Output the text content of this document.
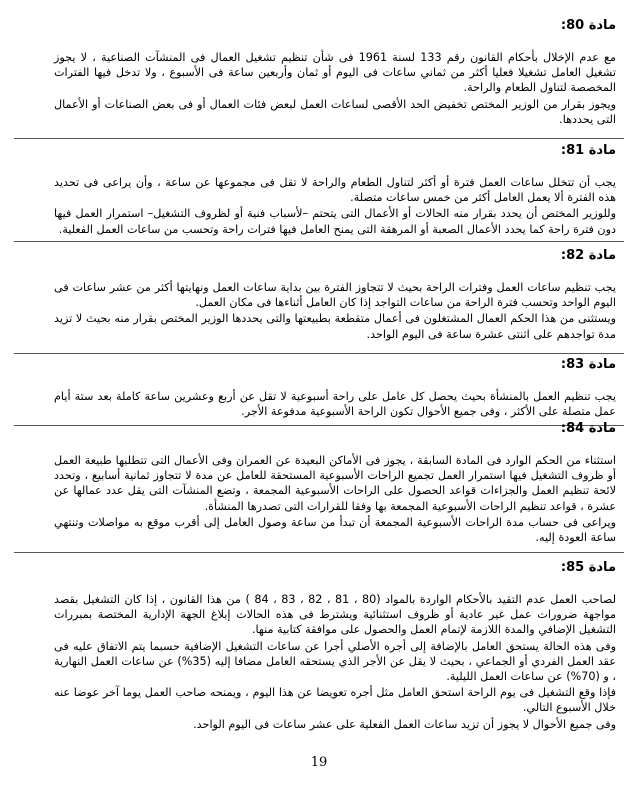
مادة 80:

مع عدم الإخلال بأحكام القانون رقم 133 لسنة 1961 فى شأن تنظيم تشغيل العمال فى المنشآت الصناعية ، لا يجوز تشغيل العامل تشغيلا فعليا أكثر من ثماني ساعات فى اليوم أو ثمان وأربعين ساعة فى الأسبوع ، ولا تدخل فيها الفترات المخصصة لتناول الطعام والراحة.

ويجوز بقرار من الوزير المختص تخفيض الحد الأقصى لساعات العمل لبعض فئات العمال أو فى بعض الصناعات أو الأعمال التى يحددها.

مادة 81:

يجب أن تتخلل ساعات العمل فترة أو أكثر لتناول الطعام والراحة لا تقل فى مجموعها عن ساعة ، وأن يراعى فى تحديد هذه الفترة ألا يعمل العامل أكثر من خمس ساعات متصلة.

وللوزير المختص أن يحدد بقرار منه الحالات أو الأعمال التى يتحتم –لأسباب فنية أو لظروف التشغيل– استمرار العمل فيها دون فترة راحة كما يحدد الأعمال الصعبة أو المرهقة التى يمنح العامل فيها فترات راحة وتحسب من ساعات العمل الفعلية.

مادة 82:

يجب تنظيم ساعات العمل وفترات الراحة بحيث لا تتجاوز الفترة بين بداية ساعات العمل ونهايتها أكثر من عشر ساعات فى اليوم الواحد وتحسب فترة الراحة من ساعات التواجد إذا كان العامل أثناءها فى مكان العمل.

ويستثنى من هذا الحكم العمال المشتغلون فى أعمال متقطعة بطبيعتها والتى يحددها الوزير المختص بقرار منه بحيث لا تزيد مدة تواجدهم على اثنتى عشرة ساعة فى اليوم الواحد.

مادة 83:

يجب تنظيم العمل بالمنشأة بحيث يحصل كل عامل على راحة أسبوعية لا تقل عن أربع وعشرين ساعة كاملة بعد ستة أيام عمل متصلة على الأكثر ، وفى جميع الأحوال تكون الراحة الأسبوعية مدفوعة الأجر.

مادة 84:

استثناء من الحكم الوارد فى المادة السابقة ، يجوز فى الأماكن البعيدة عن العمران وفى الأعمال التى تتطلبها طبيعة العمل أو ظروف التشغيل فيها استمرار العمل تجميع الراحات الأسبوعية المستحقة للعامل عن مدة لا تتجاوز ثمانية أسابيع ، وتحدد لائحة تنظيم العمل والجزاءات قواعد الحصول على الراحات الأسبوعية المجمعة ، وتضع المنشآت التى يقل عدد عمالها عن عشرة ، قواعد تنظيم الراحات الأسبوعية المجمعة بها وفقا للقرارات التى تصدرها المنشأة.

ويراعى فى حساب مدة الراحات الأسبوعية المجمعة أن تبدأ من ساعة وصول العامل إلى أقرب موقع به مواصلات وتنتهي ساعة العودة إليه.

مادة 85:

لصاحب العمل عدم التقيد بالأحكام الواردة بالمواد (80 ، 81 ، 82 ، 83 ، 84 ) من هذا القانون ، إذا كان التشغيل بقصد مواجهة ضرورات عمل غير عادية أو ظروف استثنائية ويشترط فى هذه الحالات إبلاغ الجهة الإدارية المختصة بمبررات التشغيل الإضافي والمدة اللازمة لإتمام العمل والحصول على موافقة كتابية منها.

وفى هذه الحالة يستحق العامل بالإضافة إلى أجره الأصلي أجرا عن ساعات التشغيل الإضافية حسبما يتم الاتفاق عليه فى عقد العمل الفردي أو الجماعي ، بحيث لا يقل عن الأجر الذي يستحقه العامل مضافا إليه (35%) عن ساعات العمل النهارية ، و (70%) عن ساعات العمل الليلية.

فإذا وقع التشغيل فى يوم الراحة استحق العامل مثل أجره تعويضا عن هذا اليوم ، ويمنحه صاحب العمل يوما آخر عوضا عنه خلال الأسبوع التالي.

وفى جميع الأحوال لا يجوز أن تزيد ساعات العمل الفعلية على عشر ساعات فى اليوم الواحد.

19
